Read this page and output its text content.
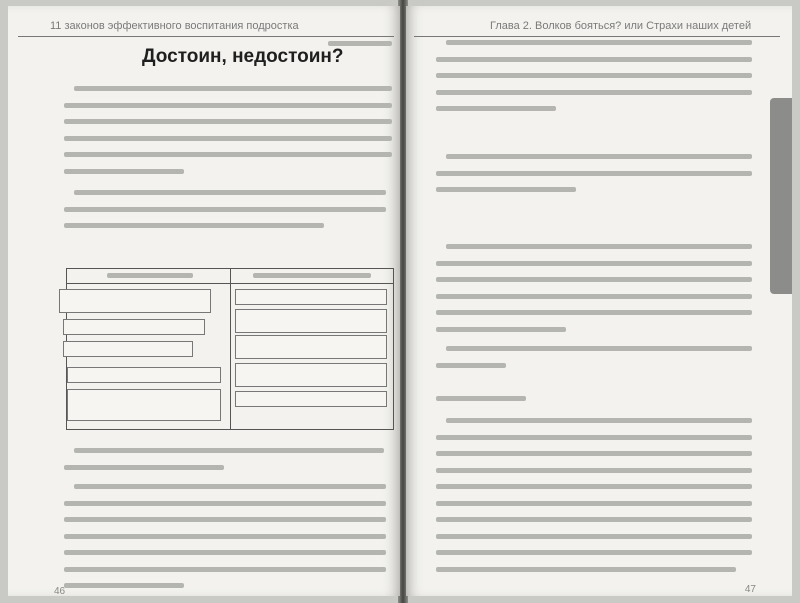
11 законов эффективного воспитания подростка
Достоин, недостоин?
46
Глава 2. Волков бояться? или Страхи наших детей
47
